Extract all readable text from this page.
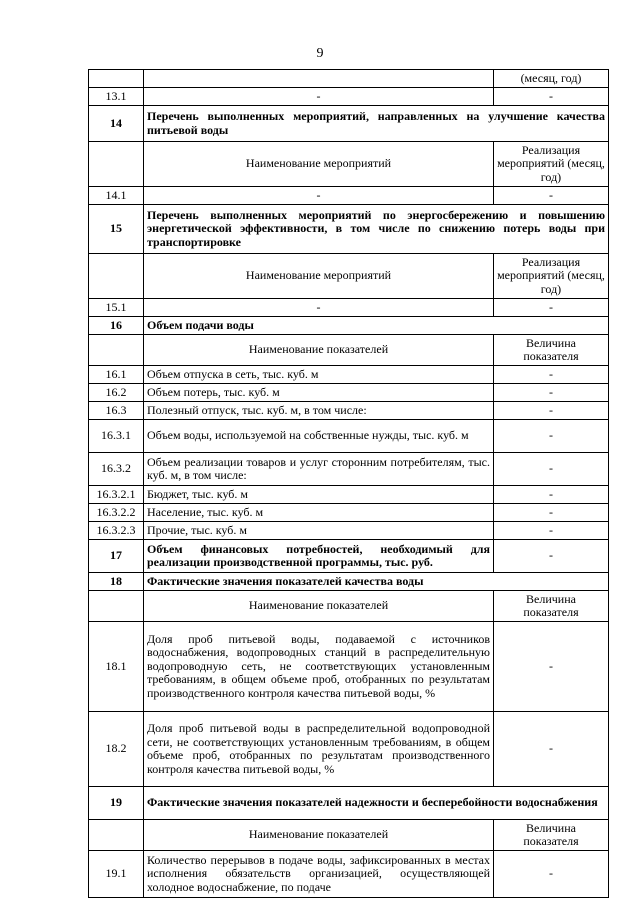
9
		(месяц, год)
13.1	-	-
14	Перечень выполненных мероприятий, направленных на улучшение качества питьевой воды	
	Наименование мероприятий	Реализация мероприятий (месяц, год)
14.1	-	-
15	Перечень выполненных мероприятий по энергосбережению и повышению энергетической эффективности, в том числе по снижению потерь воды при транспортировке	
	Наименование мероприятий	Реализация мероприятий (месяц, год)
15.1	-	-
16	Объем подачи воды	
	Наименование показателей	Величина показателя
16.1	Объем отпуска в сеть, тыс. куб. м	-
16.2	Объем потерь, тыс. куб. м	-
16.3	Полезный отпуск, тыс. куб. м, в том числе:	-
16.3.1	Объем воды, используемой на собственные нужды, тыс. куб. м	-
16.3.2	Объем реализации товаров и услуг сторонним потребителям, тыс. куб. м, в том числе:	-
16.3.2.1	Бюджет, тыс. куб. м	-
16.3.2.2	Население, тыс. куб. м	-
16.3.2.3	Прочие, тыс. куб. м	-
17	Объем финансовых потребностей, необходимый для реализации производственной программы, тыс. руб.	-
18	Фактические значения показателей качества воды	
	Наименование показателей	Величина показателя
18.1	Доля проб питьевой воды, подаваемой с источников водоснабжения, водопроводных станций в распределительную водопроводную сеть, не соответствующих установленным требованиям, в общем объеме проб, отобранных по результатам производственного контроля качества питьевой воды, %	-
18.2	Доля проб питьевой воды в распределительной водопроводной сети, не соответствующих установленным требованиям, в общем объеме проб, отобранных по результатам производственного контроля качества питьевой воды, %	-
19	Фактические значения показателей надежности и бесперебойности водоснабжения	
	Наименование показателей	Величина показателя
19.1	Количество перерывов в подаче воды, зафиксированных в местах исполнения обязательств организацией, осуществляющей холодное водоснабжение, по подаче	-
